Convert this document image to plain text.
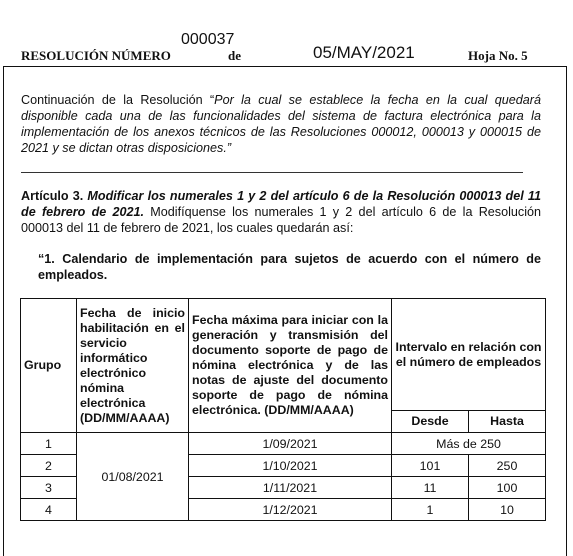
000037
RESOLUCIÓN NÚMERO	de	05/MAY/2021	Hoja No. 5
Continuación de la Resolución “Por la cual se establece la fecha en la cual quedará disponible cada una de las funcionalidades del sistema de factura electrónica para la implementación de los anexos técnicos de las Resoluciones 000012, 000013 y 000015 de 2021 y se dictan otras disposiciones.”
Artículo 3. Modificar los numerales 1 y 2 del artículo 6 de la Resolución 000013 del 11 de febrero de 2021. Modifíquense los numerales 1 y 2 del artículo 6 de la Resolución 000013 del 11 de febrero de 2021, los cuales quedarán así:
“1. Calendario de implementación para sujetos de acuerdo con el número de empleados.
Grupo	Fecha de inicio habilitación en el servicio informático electrónico nómina electrónica (DD/MM/AAAA)	Fecha máxima para iniciar con la generación y transmisión del documento soporte de pago de nómina electrónica y de las notas de ajuste del documento soporte de pago de nómina electrónica. (DD/MM/AAAA)	Intervalo en relación con el número de empleados	
			Desde	Hasta
1	01/08/2021	1/09/2021	Más de 250	
2		1/10/2021	101	250
3		1/11/2021	11	100
4		1/12/2021	1	10
